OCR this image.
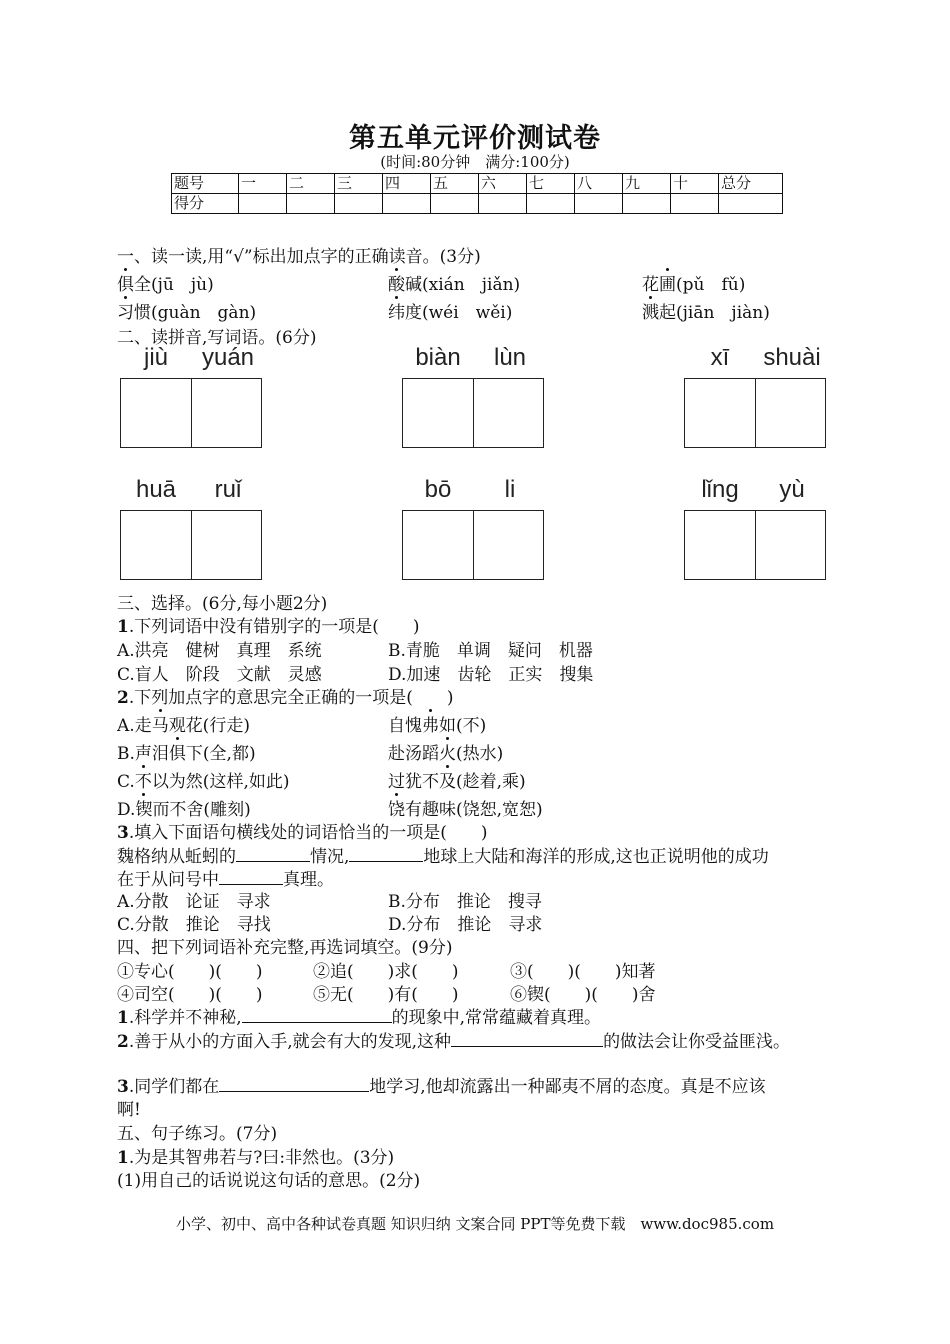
第五单元评价测试卷
(时间:80分钟　满分:100分)
题号	一	二	三	四	五	六	七	八	九	十	总分
得分											
一、读一读,用“√”标出加点字的正确读音。(3分)
俱全(jū　jù)	酸碱(xián　jiǎn)	花圃(pǔ　fǔ)
习惯(guàn　gàn)	纬度(wéi　wěi)	溅起(jiān　jiàn)
二、读拼音,写词语。(6分)
jiù	yuán	biàn	lùn	xī	shuài
huā	ruǐ	bō	li	lǐng	yù
三、选择。(6分,每小题2分)
1.下列词语中没有错别字的一项是(　　)
A.洪亮　健树　真理　系统	B.青脆　单调　疑问　机器
C.盲人　阶段　文献　灵感	D.加速　齿轮　正实　搜集
2.下列加点字的意思完全正确的一项是(　　)
A.走马观花(行走)	自愧弗如(不)
B.声泪俱下(全,都)	赴汤蹈火(热水)
C.不以为然(这样,如此)	过犹不及(趁着,乘)
D.锲而不舍(雕刻)	饶有趣味(饶恕,宽恕)
3.填入下面语句横线处的词语恰当的一项是(　　)
魏格纳从蚯蚓的	情况,	地球上大陆和海洋的形成,这也正说明他的成功
在于从问号中	真理。
A.分散　论证　寻求	B.分布　推论　搜寻
C.分散　推论　寻找	D.分布　推论　寻求
四、把下列词语补充完整,再选词填空。(9分)
①专心(　　)(　　)	②追(　　)求(　　)	③(　　)(　　)知著
④司空(　　)(　　)	⑤无(　　)有(　　)	⑥锲(　　)(　　)舍
1.科学并不神秘,	的现象中,常常蕴藏着真理。
2.善于从小的方面入手,就会有大的发现,这种	的做法会让你受益匪浅。
3.同学们都在	地学习,他却流露出一种鄙夷不屑的态度。真是不应该
啊!
五、句子练习。(7分)
1.为是其智弗若与?曰:非然也。(3分)
(1)用自己的话说说这句话的意思。(2分)
小学、初中、高中各种试卷真题 知识归纳 文案合同 PPT等免费下载　www.doc985.com
